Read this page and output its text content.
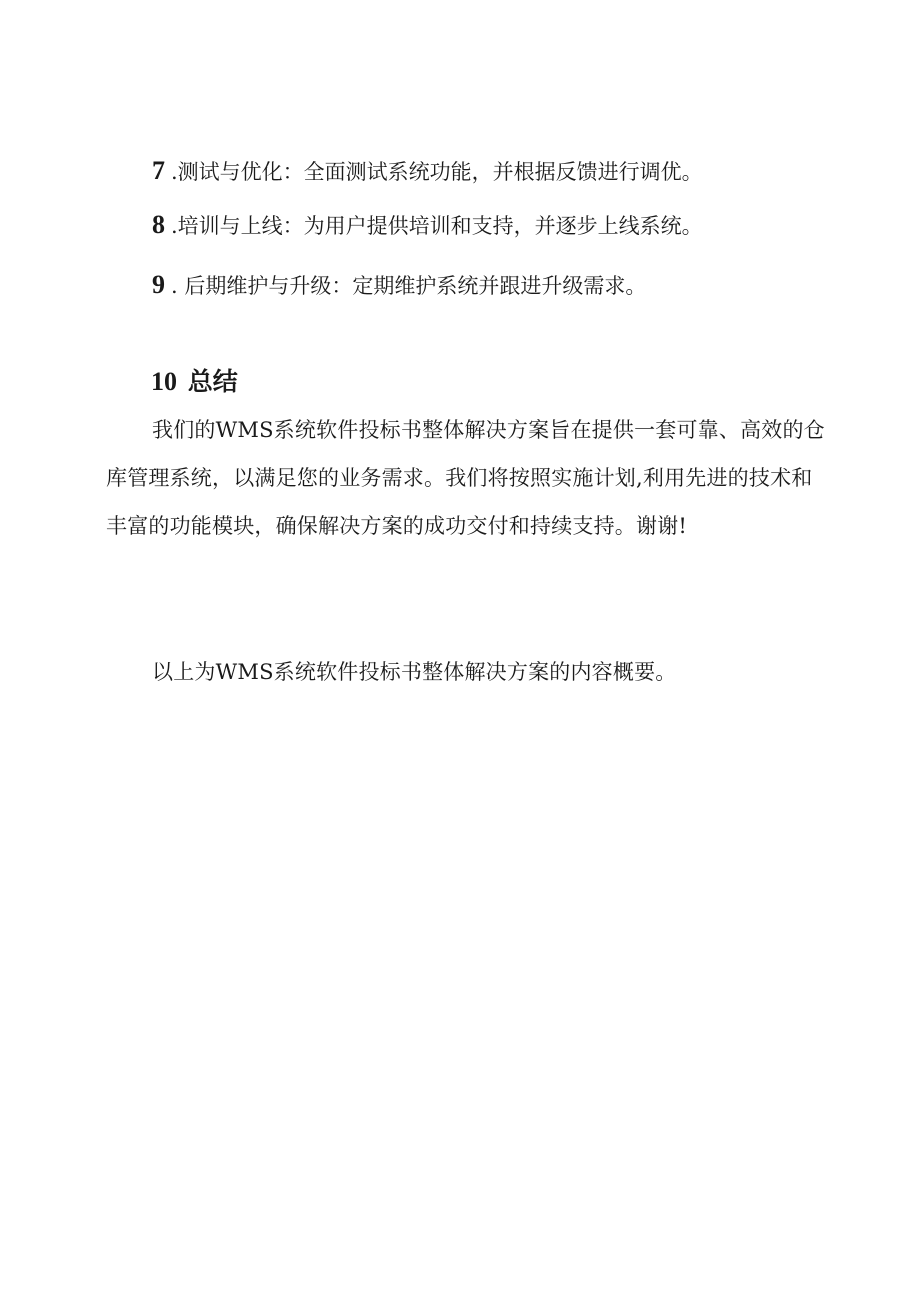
7 .测试与优化：全面测试系统功能，并根据反馈进行调优。
8 .培训与上线：为用户提供培训和支持，并逐步上线系统。
9 . 后期维护与升级：定期维护系统并跟进升级需求。
10 总结

我们的WMS系统软件投标书整体解决方案旨在提供一套可靠、高效的仓库管理系统，以满足您的业务需求。我们将按照实施计划,利用先进的技术和丰富的功能模块，确保解决方案的成功交付和持续支持。谢谢!

以上为WMS系统软件投标书整体解决方案的内容概要。
